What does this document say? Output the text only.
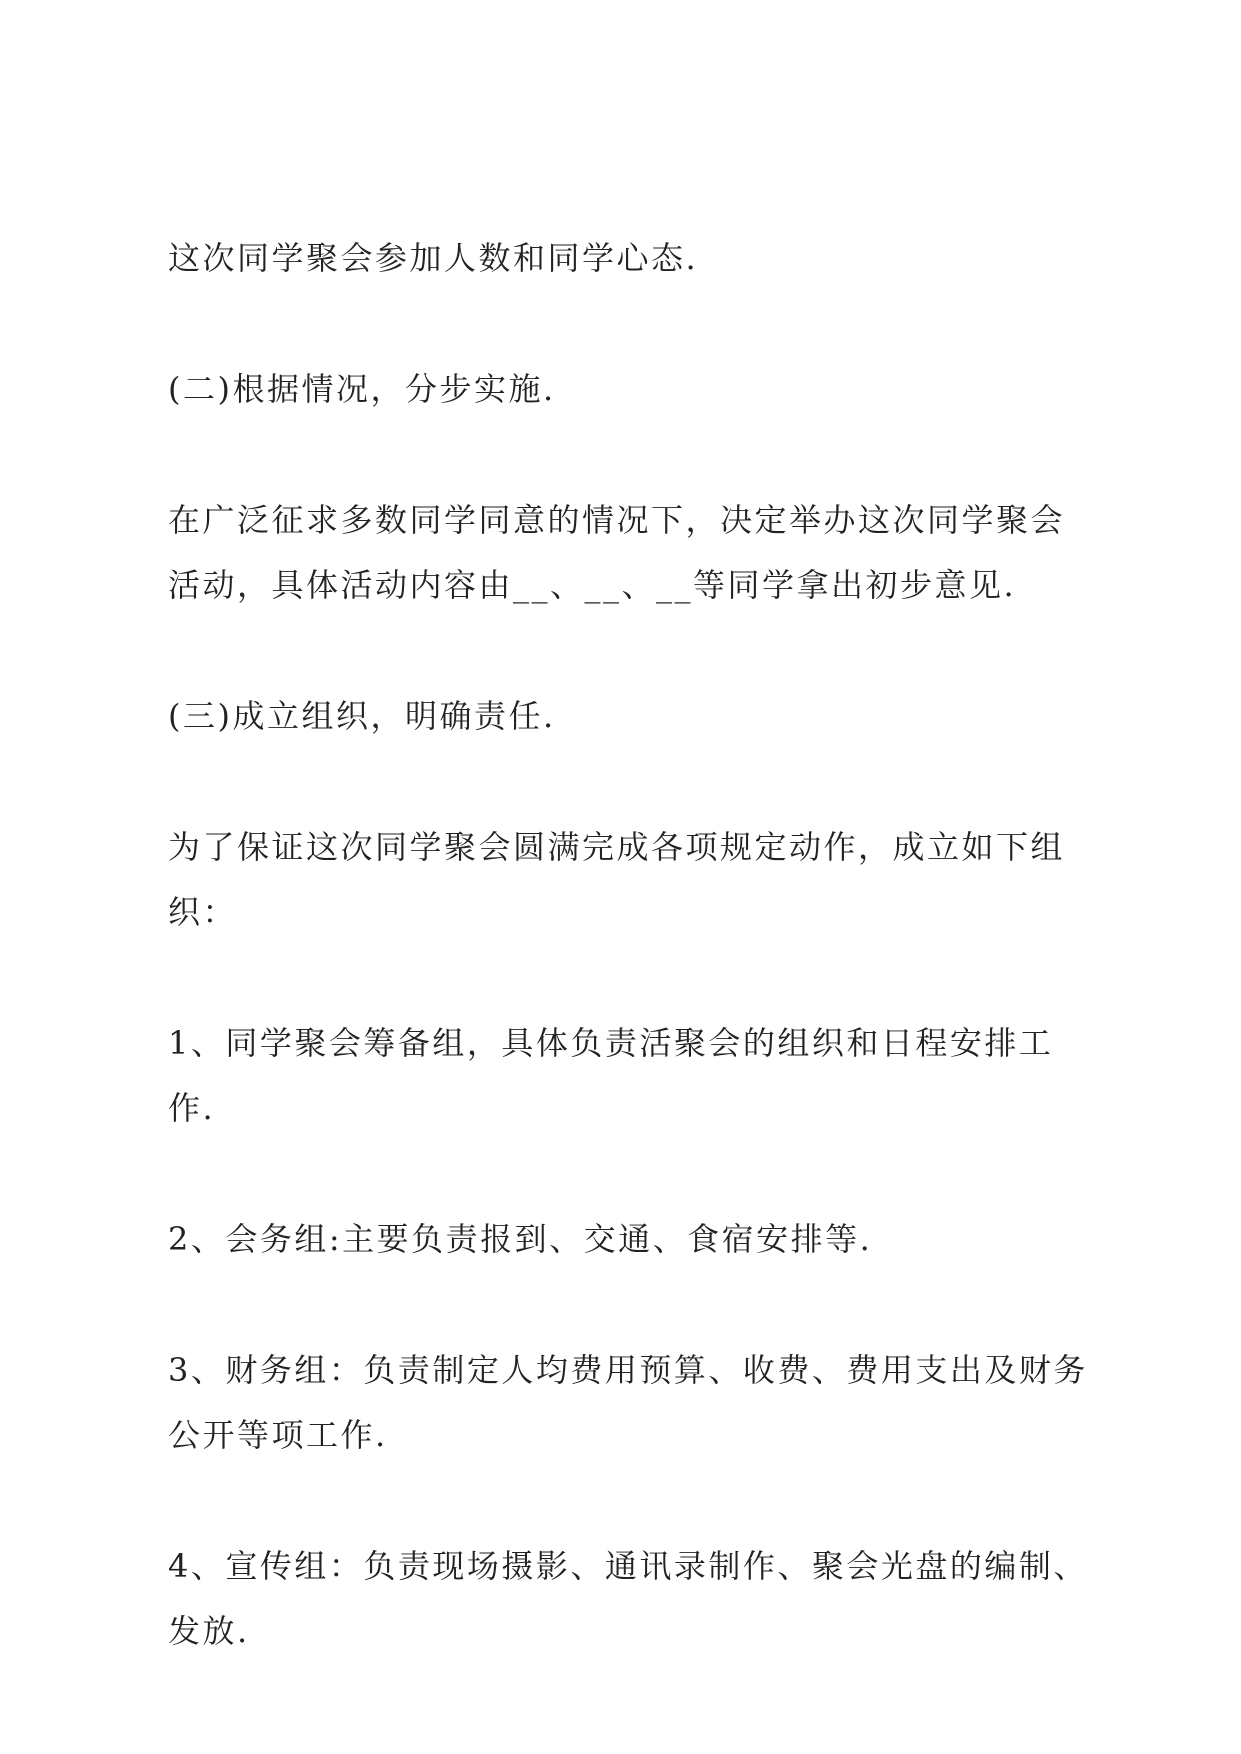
这次同学聚会参加人数和同学心态.

(二)根据情况，分步实施.

在广泛征求多数同学同意的情况下，决定举办这次同学聚会活动，具体活动内容由__、__、__等同学拿出初步意见.

(三)成立组织，明确责任.

为了保证这次同学聚会圆满完成各项规定动作，成立如下组织：

1、同学聚会筹备组，具体负责活聚会的组织和日程安排工作.

2、会务组:主要负责报到、交通、食宿安排等.

3、财务组：负责制定人均费用预算、收费、费用支出及财务公开等项工作.

4、宣传组：负责现场摄影、通讯录制作、聚会光盘的编制、发放.
